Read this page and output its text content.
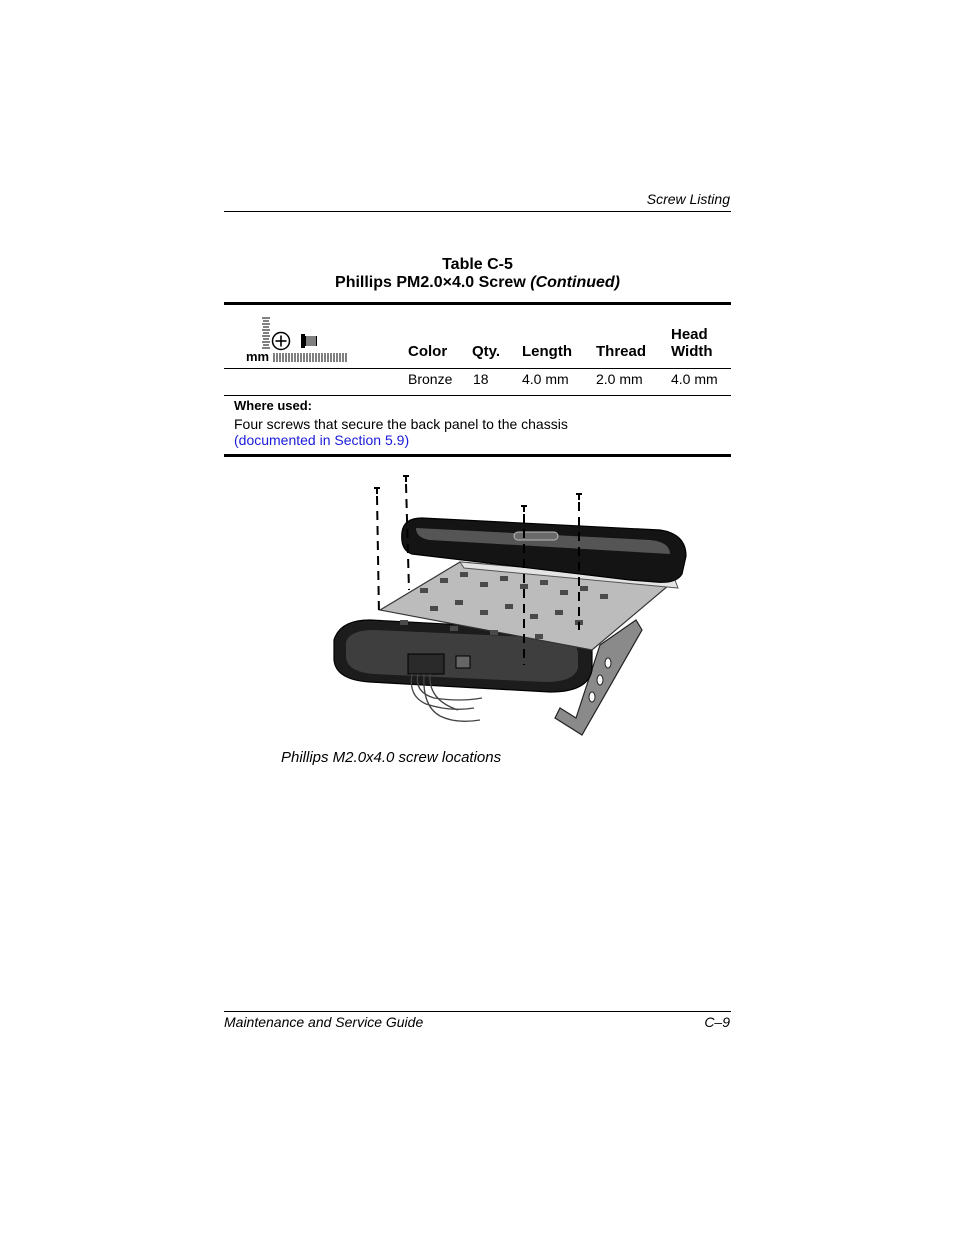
Screw Listing
Table C-5
Phillips PM2.0×4.0 Screw (Continued)
mm	Color Qty. Length Thread
Head
Width
Bronze 18 4.0 mm 2.0 mm 4.0 mm
Where used:
Four screws that secure the back panel to the chassis
(documented in Section 5.9)
Phillips M2.0x4.0 screw locations
Maintenance and Service Guide	C–9
